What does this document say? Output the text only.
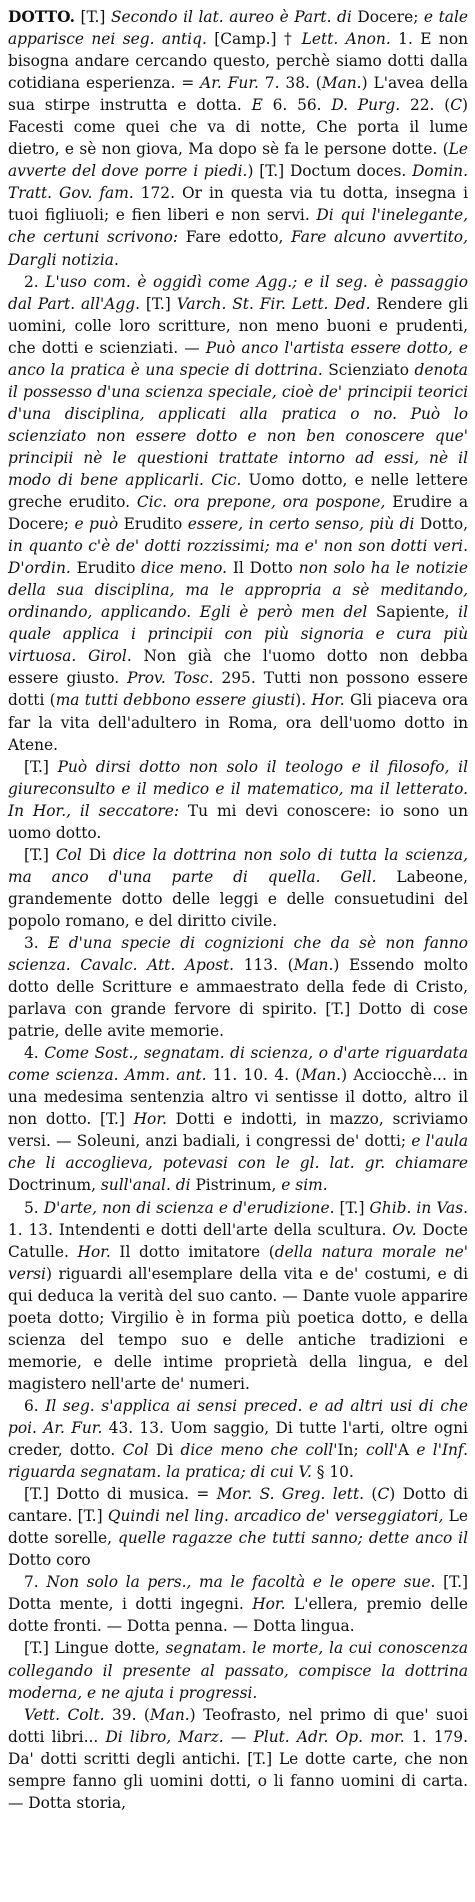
DOTTO. [T.] Secondo il lat. aureo è Part. di Docere; e tale apparisce nei seg. antiq. [Camp.] † Lett. Anon. 1. E non bisogna andare cercando questo, perchè siamo dotti dalla cotidiana esperienza. = Ar. Fur. 7. 38. (Man.) L'avea della sua stirpe instrutta e dotta. E 6. 56. D. Purg. 22. (C) Facesti come quei che va di notte, Che porta il lume dietro, e sè non giova, Ma dopo sè fa le persone dotte. (Le avverte del dove porre i piedi.) [T.] Doctum doces. Domin. Tratt. Gov. fam. 172. Or in questa via tu dotta, insegna i tuoi figliuoli; e fien liberi e non servi. Di qui l'inelegante, che certuni scrivono: Fare edotto, Fare alcuno avvertito, Dargli notizia.

2. L'uso com. è oggidì come Agg.; e il seg. è passaggio dal Part. all'Agg. [T.] Varch. St. Fir. Lett. Ded. Rendere gli uomini, colle loro scritture, non meno buoni e prudenti, che dotti e scienziati. — Può anco l'artista essere dotto, e anco la pratica è una specie di dottrina. Scienziato denota il possesso d'una scienza speciale, cioè de' principii teorici d'una disciplina, applicati alla pratica o no. Può lo scienziato non essere dotto e non ben conoscere que' principii nè le questioni trattate intorno ad essi, nè il modo di bene applicarli. Cic. Uomo dotto, e nelle lettere greche erudito. Cic. ora prepone, ora pospone, Erudire a Docere; e può Erudito essere, in certo senso, più di Dotto, in quanto c'è de' dotti rozzissimi; ma e' non son dotti veri. D'ordin. Erudito dice meno. Il Dotto non solo ha le notizie della sua disciplina, ma le appropria a sè meditando, ordinando, applicando. Egli è però men del Sapiente, il quale applica i principii con più signoria e cura più virtuosa. Girol. Non già che l'uomo dotto non debba essere giusto. Prov. Tosc. 295. Tutti non possono essere dotti (ma tutti debbono essere giusti). Hor. Gli piaceva ora far la vita dell'adultero in Roma, ora dell'uomo dotto in Atene.

[T.] Può dirsi dotto non solo il teologo e il filosofo, il giureconsulto e il medico e il matematico, ma il letterato. In Hor., il seccatore: Tu mi devi conoscere: io sono un uomo dotto.

[T.] Col Di dice la dottrina non solo di tutta la scienza, ma anco d'una parte di quella. Gell. Labeone, grandemente dotto delle leggi e delle consuetudini del popolo romano, e del diritto civile.

3. E d'una specie di cognizioni che da sè non fanno scienza. Cavalc. Att. Apost. 113. (Man.) Essendo molto dotto delle Scritture e ammaestrato della fede di Cristo, parlava con grande fervore di spirito. [T.] Dotto di cose patrie, delle avite memorie.

4. Come Sost., segnatam. di scienza, o d'arte riguardata come scienza. Amm. ant. 11. 10. 4. (Man.) Acciocchè... in una medesima sentenzia altro vi sentisse il dotto, altro il non dotto. [T.] Hor. Dotti e indotti, in mazzo, scriviamo versi. — Soleuni, anzi badiali, i congressi de' dotti; e l'aula che li accoglieva, potevasi con le gl. lat. gr. chiamare Doctrinum, sull'anal. di Pistrinum, e sim.

5. D'arte, non di scienza e d'erudizione. [T.] Ghib. in Vas. 1. 13. Intendenti e dotti dell'arte della scultura. Ov. Docte Catulle. Hor. Il dotto imitatore (della natura morale ne' versi) riguardi all'esemplare della vita e de' costumi, e di qui deduca la verità del suo canto. — Dante vuole apparire poeta dotto; Virgilio è in forma più poetica dotto, e della scienza del tempo suo e delle antiche tradizioni e memorie, e delle intime proprietà della lingua, e del magistero nell'arte de' numeri.

6. Il seg. s'applica ai sensi preced. e ad altri usi di che poi. Ar. Fur. 43. 13. Uom saggio, Di tutte l'arti, oltre ogni creder, dotto. Col Di dice meno che coll'In; coll'A e l'Inf. riguarda segnatam. la pratica; di cui V. § 10.

[T.] Dotto di musica. = Mor. S. Greg. lett. (C) Dotto di cantare. [T.] Quindi nel ling. arcadico de' verseggiatori, Le dotte sorelle, quelle ragazze che tutti sanno; dette anco il Dotto coro

7. Non solo la pers., ma le facoltà e le opere sue. [T.] Dotta mente, i dotti ingegni. Hor. L'ellera, premio delle dotte fronti. — Dotta penna. — Dotta lingua.

[T.] Lingue dotte, segnatam. le morte, la cui conoscenza collegando il presente al passato, compisce la dottrina moderna, e ne ajuta i progressi.

Vett. Colt. 39. (Man.) Teofrasto, nel primo di que' suoi dotti libri... Di libro, Marz. — Plut. Adr. Op. mor. 1. 179. Da' dotti scritti degli antichi. [T.] Le dotte carte, che non sempre fanno gli uomini dotti, o li fanno uomini di carta. — Dotta storia,
